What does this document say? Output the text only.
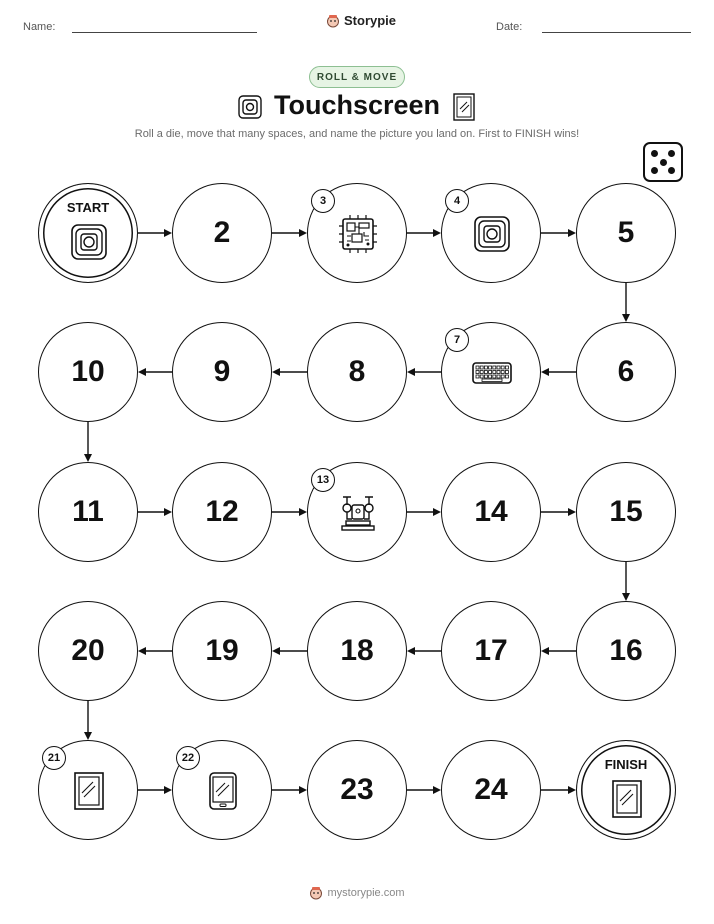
Name:	Storypie	Date:
ROLL & MOVE
Touchscreen
Roll a die, move that many spaces, and name the picture you land on. First to FINISH wins!
START
2
3	4
5
6
7
8
9
10
11	12
13
14	15
16
17
18
19
20
21	22
23	24
FINISH
mystorypie.com
